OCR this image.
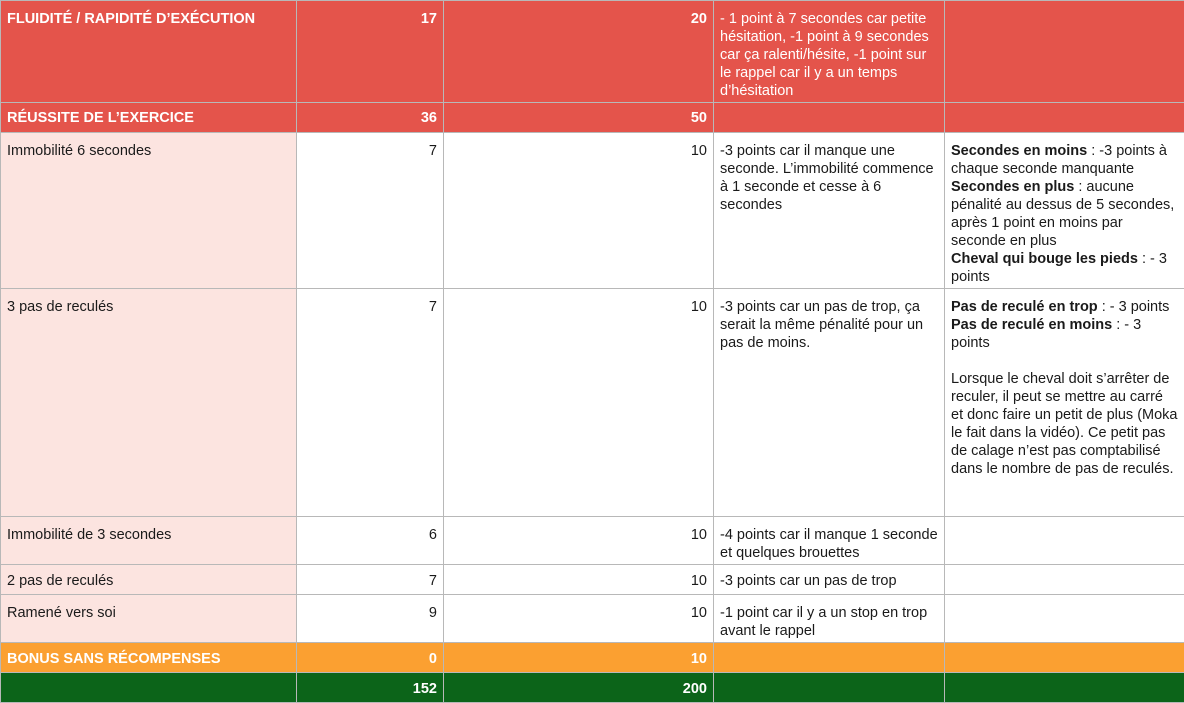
FLUIDITÉ / RAPIDITÉ D’EXÉCUTION	17	20	- 1 point à 7 secondes car petite hésitation, -1 point à 9 secondes car ça ralenti/hésite, -1 point sur le rappel car il y a un temps d’hésitation	
RÉUSSITE DE L’EXERCICE	36	50		
Immobilité 6 secondes	7	10	-3 points car il manque une seconde. L’immobilité commence à 1 seconde et cesse à 6 secondes	Secondes en moins : -3 points à chaque seconde manquante
Secondes en plus : aucune pénalité au dessus de 5 secondes, après 1 point en moins par seconde en plus
Cheval qui bouge les pieds : - 3 points

3 pas de reculés	7	10	-3 points car un pas de trop, ça serait la même pénalité pour un pas de moins.	Pas de reculé en trop : - 3 points
Pas de reculé en moins : - 3 points
Lorsque le cheval doit s’arrêter de reculer, il peut se mettre au carré et donc faire un petit de plus (Moka le fait dans la vidéo). Ce petit pas de calage n’est pas comptabilisé dans le nombre de pas de reculés.

Immobilité de 3 secondes	6	10	-4 points car il manque 1 seconde et quelques brouettes	
2 pas de reculés	7	10	-3 points car un pas de trop	
Ramené vers soi	9	10	-1 point car il y a un stop en trop avant le rappel	
BONUS SANS RÉCOMPENSES	0	10		
	152	200		
